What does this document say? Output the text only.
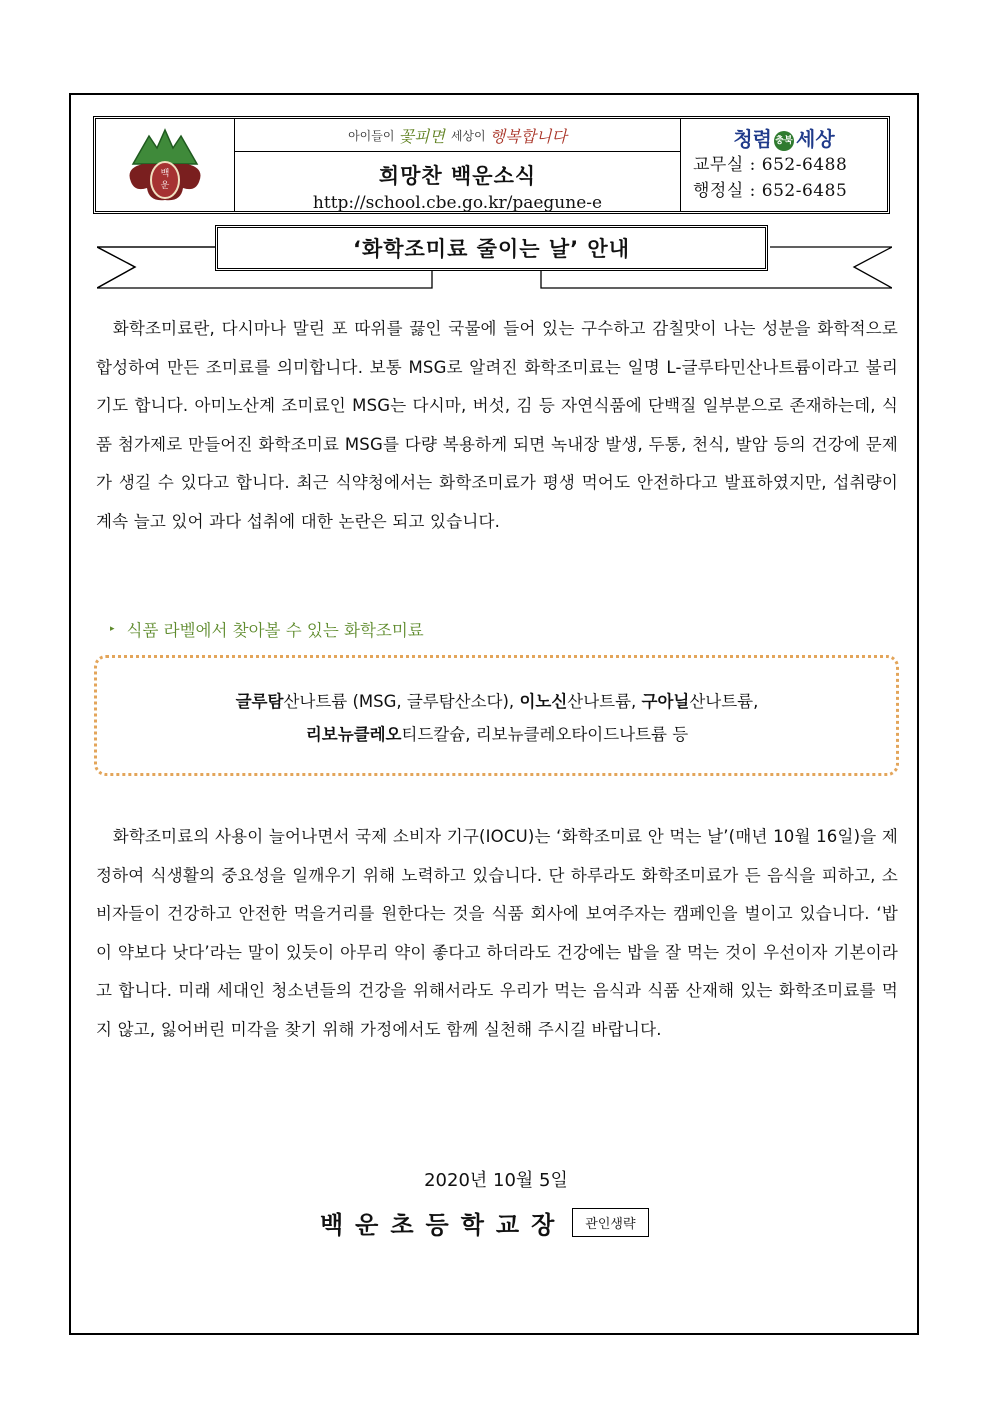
백
운
아이들이 꽃피면 세상이 행복합니다
희망찬 백운소식
http://school.cbe.go.kr/paegune-e
청렴 충북 세상
교무실 : 652-6488
행정실 : 652-6485
‘화학조미료 줄이는 날’ 안내

 화학조미료란, 다시마나 말린 포 따위를 끓인 국물에 들어 있는 구수하고 감칠맛이 나는 성분을 화학적으로 합성하여 만든 조미료를 의미합니다. 보통 MSG로 알려진 화학조미료는 일명 L-글루타민산나트륨이라고 불리기도 합니다. 아미노산계 조미료인 MSG는 다시마, 버섯, 김 등 자연식품에 단백질 일부분으로 존재하는데, 식품 첨가제로 만들어진 화학조미료 MSG를 다량 복용하게 되면 녹내장 발생, 두통, 천식, 발암 등의 건강에 문제가 생길 수 있다고 합니다. 최근 식약청에서는 화학조미료가 평생 먹어도 안전하다고 발표하였지만, 섭취량이 계속 늘고 있어 과다 섭취에 대한 논란은 되고 있습니다.

▸ 식품 라벨에서 찾아볼 수 있는 화학조미료
글루탐산나트륨 (MSG, 글루탐산소다), 이노신산나트륨, 구아닐산나트륨,
리보뉴클레오티드칼슘, 리보뉴클레오타이드나트륨 등

 화학조미료의 사용이 늘어나면서 국제 소비자 기구(IOCU)는 ‘화학조미료 안 먹는 날’(매년 10월 16일)을 제정하여 식생활의 중요성을 일깨우기 위해 노력하고 있습니다. 단 하루라도 화학조미료가 든 음식을 피하고, 소비자들이 건강하고 안전한 먹을거리를 원한다는 것을 식품 회사에 보여주자는 캠페인을 벌이고 있습니다. ‘밥이 약보다 낫다’라는 말이 있듯이 아무리 약이 좋다고 하더라도 건강에는 밥을 잘 먹는 것이 우선이자 기본이라고 합니다. 미래 세대인 청소년들의 건강을 위해서라도 우리가 먹는 음식과 식품 산재해 있는 화학조미료를 먹지 않고, 잃어버린 미각을 찾기 위해 가정에서도 함께 실천해 주시길 바랍니다.

2020년 10월 5일
백운초등학교장	관인생략
